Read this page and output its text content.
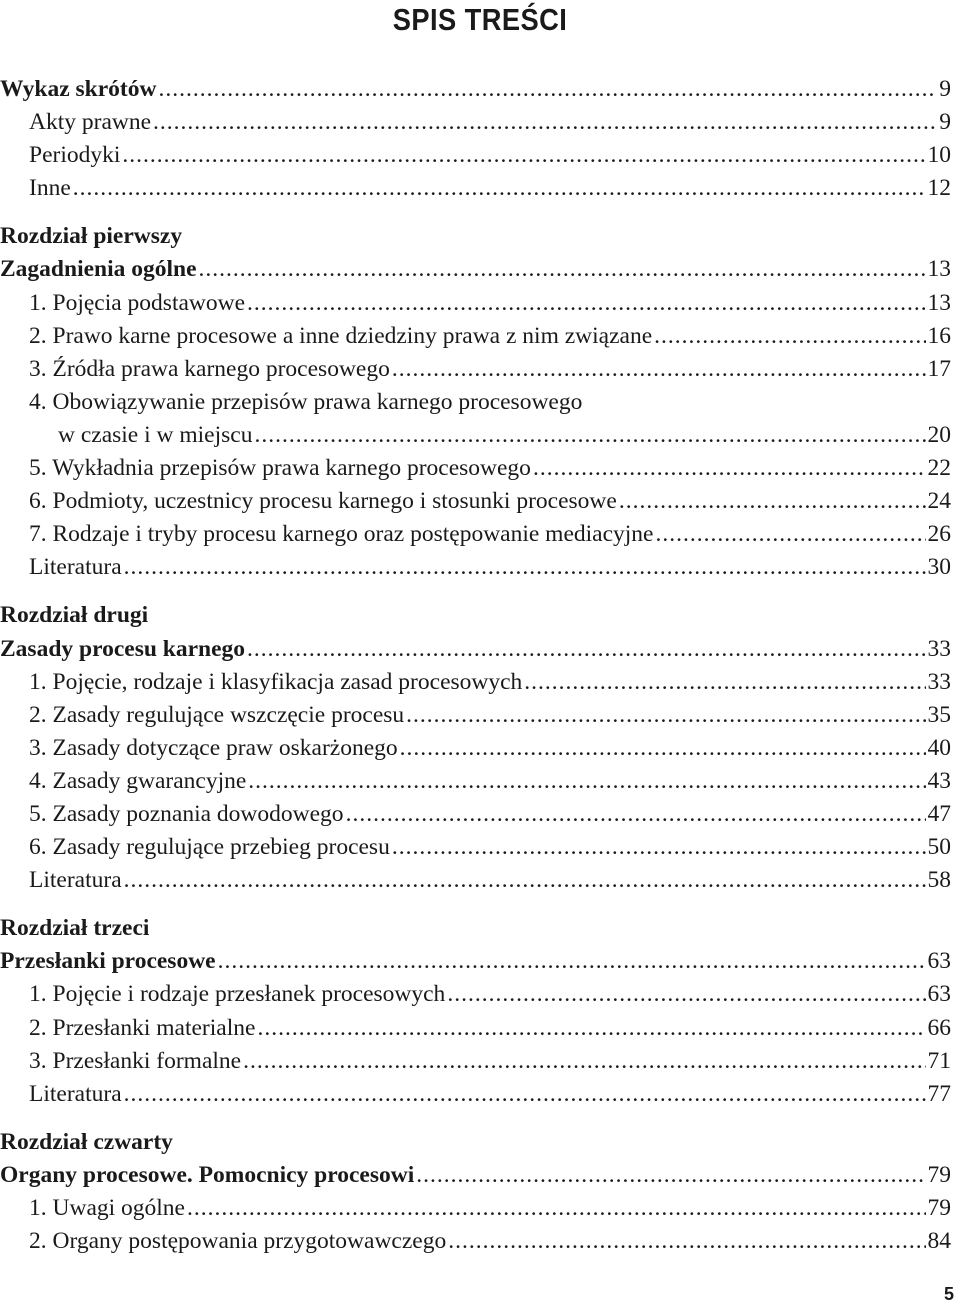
SPIS TREŚCI
Wykaz skrótów .....	9
Akty prawne .....	9
Periodyki .....	10
Inne .....	12
Rozdział pierwszy
Zagadnienia ogólne .....	13
1. Pojęcia podstawowe .....	13
2. Prawo karne procesowe a inne dziedziny prawa z nim związane .....	16
3. Źródła prawa karnego procesowego .....	17
4. Obowiązywanie przepisów prawa karnego procesowego
w czasie i w miejscu .....	20
5. Wykładnia przepisów prawa karnego procesowego .....	22
6. Podmioty, uczestnicy procesu karnego i stosunki procesowe .....	24
7. Rodzaje i tryby procesu karnego oraz postępowanie mediacyjne .....	26
Literatura .....	30
Rozdział drugi
Zasady procesu karnego .....	33
1. Pojęcie, rodzaje i klasyfikacja zasad procesowych .....	33
2. Zasady regulujące wszczęcie procesu .....	35
3. Zasady dotyczące praw oskarżonego .....	40
4. Zasady gwarancyjne .....	43
5. Zasady poznania dowodowego .....	47
6. Zasady regulujące przebieg procesu .....	50
Literatura .....	58
Rozdział trzeci
Przesłanki procesowe .....	63
1. Pojęcie i rodzaje przesłanek procesowych .....	63
2. Przesłanki materialne .....	66
3. Przesłanki formalne .....	71
Literatura .....	77
Rozdział czwarty
Organy procesowe. Pomocnicy procesowi .....	79
1. Uwagi ogólne .....	79
2. Organy postępowania przygotowawczego .....	84
5
